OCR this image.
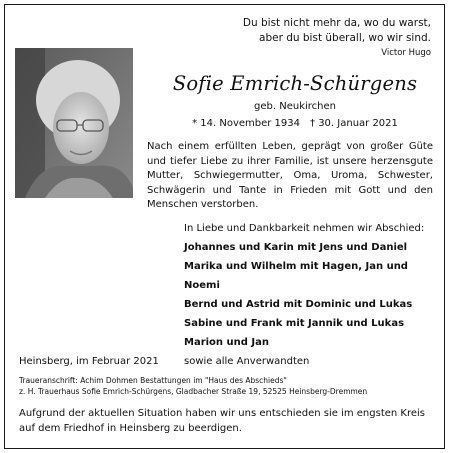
Du bist nicht mehr da, wo du warst,
aber du bist überall, wo wir sind.
Victor Hugo
Sofie Emrich-Schürgens
geb. Neukirchen
* 14. November 1934 † 30. Januar 2021
Nach einem erfüllten Leben, geprägt von großer Güte und tiefer Liebe zu ihrer Familie, ist unsere herzensgute Mutter, Schwiegermutter, Oma, Uroma, Schwester, Schwägerin und Tante in Frieden mit Gott und den Menschen verstorben.
In Liebe und Dankbarkeit nehmen wir Abschied:
Johannes und Karin mit Jens und Daniel
Marika und Wilhelm mit Hagen, Jan und Noemi
Bernd und Astrid mit Dominic und Lukas
Sabine und Frank mit Jannik und Lukas
Marion und Jan
sowie alle Anverwandten
Heinsberg, im Februar 2021
Traueranschrift: Achim Dohmen Bestattungen im "Haus des Abschieds"
z. H. Trauerhaus Sofie Emrich-Schürgens, Gladbacher Straße 19, 52525 Heinsberg-Dremmen
Aufgrund der aktuellen Situation haben wir uns entschieden sie im engsten Kreis auf dem Friedhof in Heinsberg zu beerdigen.
